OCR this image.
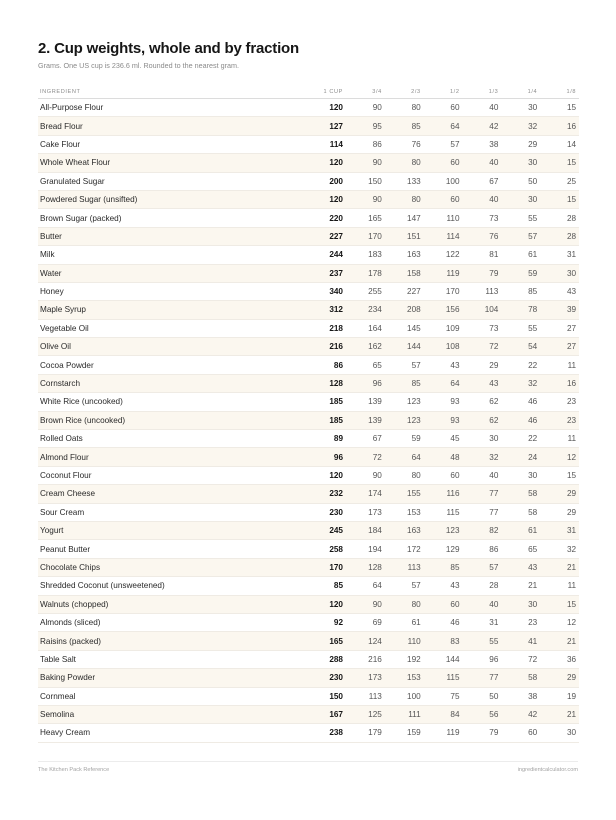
2. Cup weights, whole and by fraction
Grams. One US cup is 236.6 ml. Rounded to the nearest gram.
INGREDIENT	1 CUP	3/4	2/3	1/2	1/3	1/4	1/8
All-Purpose Flour	120	90	80	60	40	30	15
Bread Flour	127	95	85	64	42	32	16
Cake Flour	114	86	76	57	38	29	14
Whole Wheat Flour	120	90	80	60	40	30	15
Granulated Sugar	200	150	133	100	67	50	25
Powdered Sugar (unsifted)	120	90	80	60	40	30	15
Brown Sugar (packed)	220	165	147	110	73	55	28
Butter	227	170	151	114	76	57	28
Milk	244	183	163	122	81	61	31
Water	237	178	158	119	79	59	30
Honey	340	255	227	170	113	85	43
Maple Syrup	312	234	208	156	104	78	39
Vegetable Oil	218	164	145	109	73	55	27
Olive Oil	216	162	144	108	72	54	27
Cocoa Powder	86	65	57	43	29	22	11
Cornstarch	128	96	85	64	43	32	16
White Rice (uncooked)	185	139	123	93	62	46	23
Brown Rice (uncooked)	185	139	123	93	62	46	23
Rolled Oats	89	67	59	45	30	22	11
Almond Flour	96	72	64	48	32	24	12
Coconut Flour	120	90	80	60	40	30	15
Cream Cheese	232	174	155	116	77	58	29
Sour Cream	230	173	153	115	77	58	29
Yogurt	245	184	163	123	82	61	31
Peanut Butter	258	194	172	129	86	65	32
Chocolate Chips	170	128	113	85	57	43	21
Shredded Coconut (unsweetened)	85	64	57	43	28	21	11
Walnuts (chopped)	120	90	80	60	40	30	15
Almonds (sliced)	92	69	61	46	31	23	12
Raisins (packed)	165	124	110	83	55	41	21
Table Salt	288	216	192	144	96	72	36
Baking Powder	230	173	153	115	77	58	29
Cornmeal	150	113	100	75	50	38	19
Semolina	167	125	111	84	56	42	21
Heavy Cream	238	179	159	119	79	60	30
The Kitchen Pack Reference	ingredientcalculator.com
